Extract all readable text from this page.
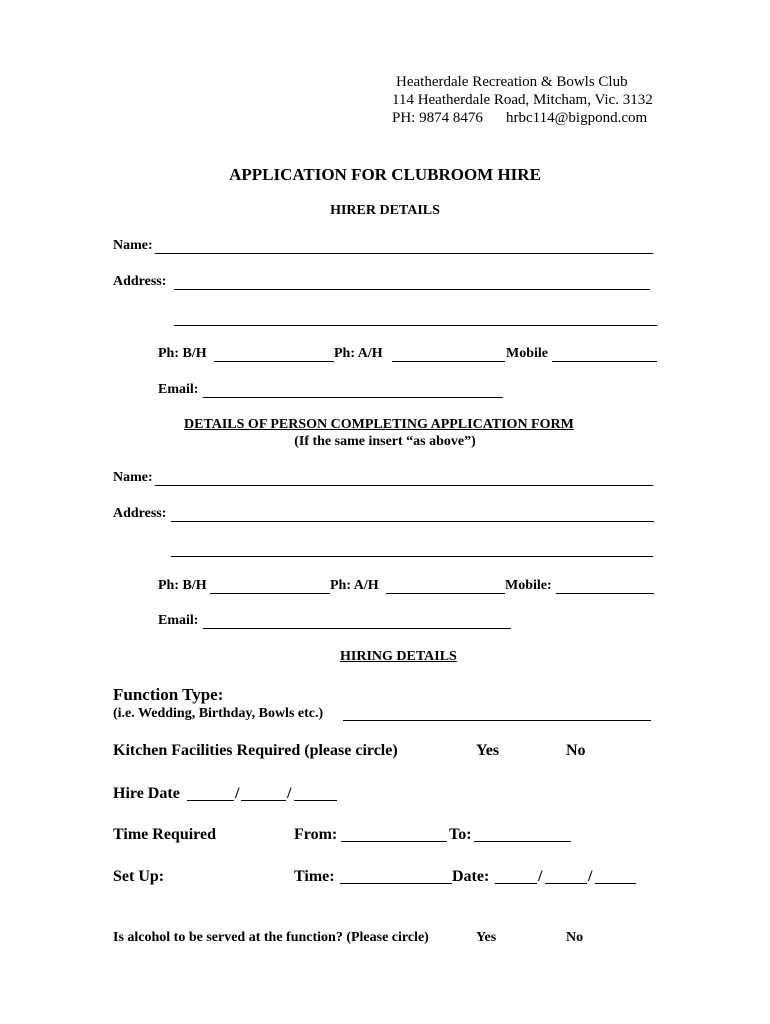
Heatherdale Recreation & Bowls Club
114 Heatherdale Road, Mitcham, Vic. 3132
PH: 9874 8476 hrbc114@bigpond.com
APPLICATION FOR CLUBROOM HIRE
HIRER DETAILS
Name:
Address:
Ph: B/H	Ph: A/H	Mobile
Email:
DETAILS OF PERSON COMPLETING APPLICATION FORM
(If the same insert “as above”)
Name:
Address:
Ph: B/H	Ph: A/H	Mobile:
Email:
HIRING DETAILS
Function Type:
(i.e. Wedding, Birthday, Bowls etc.)
Kitchen Facilities Required (please circle)	Yes	No
Hire Date	/	/
Time Required	From:	To:
Set Up:	Time:	Date:	/	/
Is alcohol to be served at the function? (Please circle)	Yes	No
